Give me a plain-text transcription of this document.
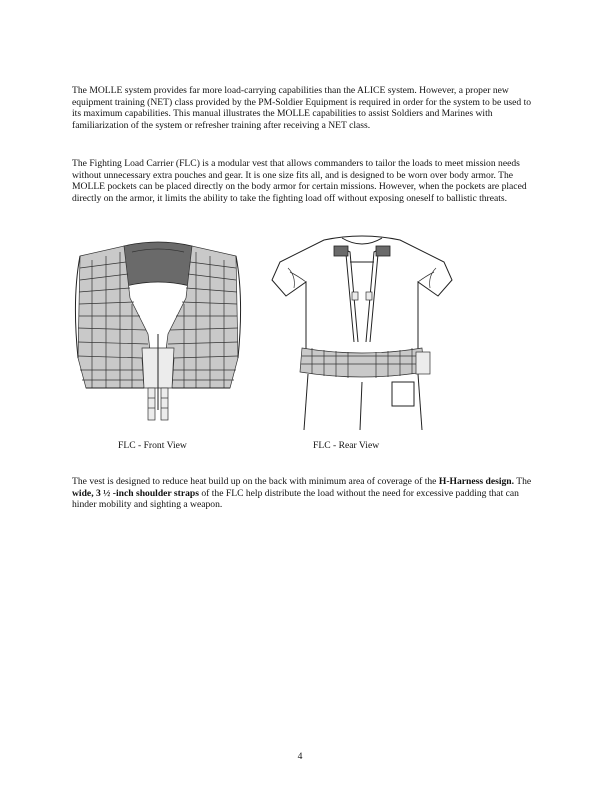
The MOLLE system provides far more load-carrying capabilities than the ALICE system. However, a proper new equipment training (NET) class provided by the PM-Soldier Equipment is required in order for the system to be used to its maximum capabilities. This manual illustrates the MOLLE capabilities to assist Soldiers and Marines with familiarization of the system or refresher training after receiving a NET class.

The Fighting Load Carrier (FLC) is a modular vest that allows commanders to tailor the loads to meet mission needs without unnecessary extra pouches and gear. It is one size fits all, and is designed to be worn over body armor. The MOLLE pockets can be placed directly on the body armor for certain missions. However, when the pockets are placed directly on the armor, it limits the ability to take the fighting load off without exposing oneself to ballistic threats.

FLC - Front View	FLC - Rear View

The vest is designed to reduce heat build up on the back with minimum area of coverage of the H-Harness design. The wide, 3 ½ -inch shoulder straps of the FLC help distribute the load without the need for excessive padding that can hinder mobility and sighting a weapon.

4
